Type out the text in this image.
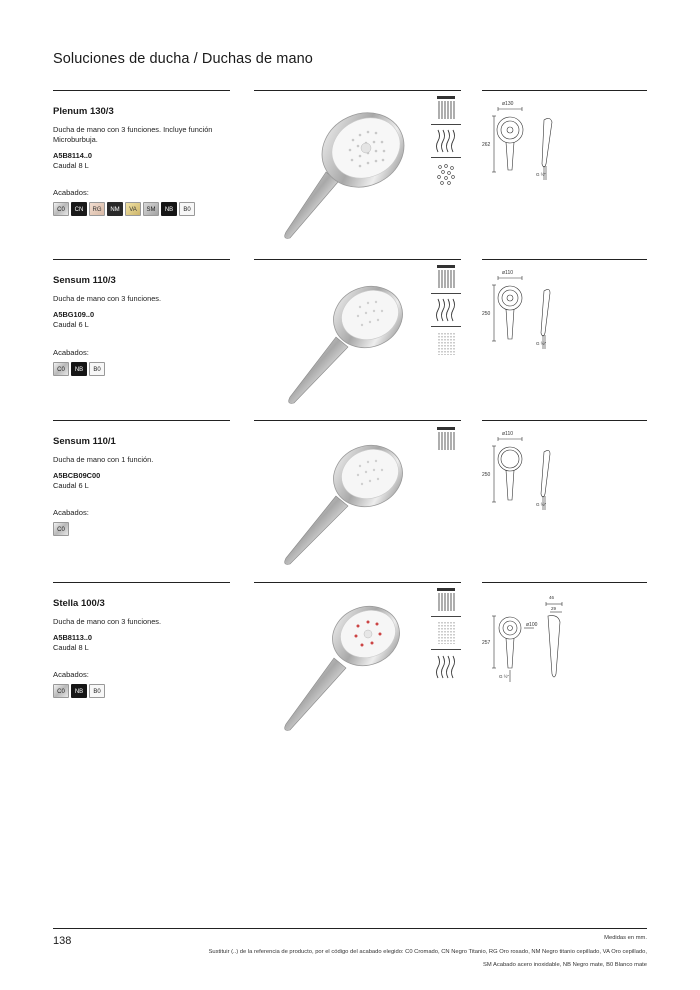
Soluciones de ducha / Duchas de mano
Plenum 130/3
Ducha de mano con 3 funciones. Incluye función Microburbuja.
A5B8114..0
Caudal 8 L
Acabados:
C0	CN	RG	NM	VA	SM	NB	B0
ø130
262
G ½"
Sensum 110/3
Ducha de mano con 3 funciones.
A5BG109..0
Caudal 6 L
Acabados:
C0	NB	B0
ø110
250
G ½"
Sensum 110/1
Ducha de mano con 1 función.
A5BCB09C00
Caudal 6 L
Acabados:
C0
ø110
250
G ½"
Stella 100/3
Ducha de mano con 3 funciones.
A5B8113..0
Caudal 8 L
Acabados:
C0	NB	B0
46
29
ø100
257
G ½"
138	Medidas en mm.
Sustituir (..) de la referencia de producto, por el código del acabado elegido: C0 Cromado, CN Negro Titanio, RG Oro rosado, NM Negro titanio cepillado, VA Oro cepillado,
SM Acabado acero inoxidable, NB Negro mate, B0 Blanco mate
